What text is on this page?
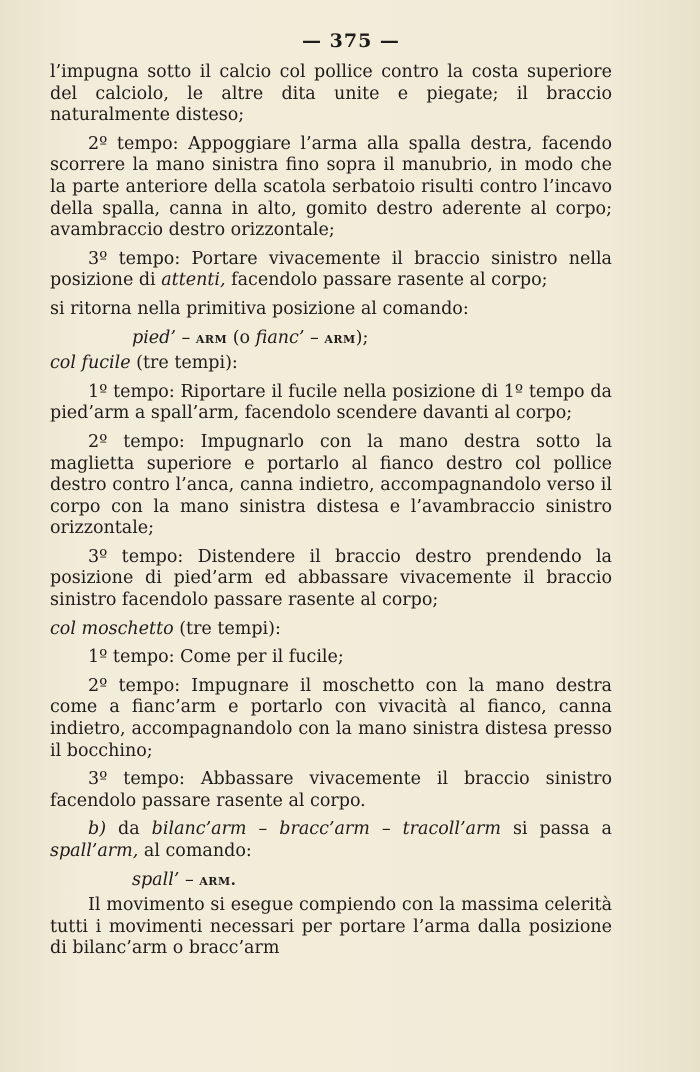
— 375 —

l’impugna sotto il calcio col pollice contro la costa superiore del calciolo, le altre dita unite e piegate; il braccio naturalmente disteso;

2º tempo: Appoggiare l’arma alla spalla destra, facendo scorrere la mano sinistra fino sopra il manubrio, in modo che la parte anteriore della scatola serbatoio risulti contro l’incavo della spalla, canna in alto, gomito destro aderente al corpo; avambraccio destro orizzontale;

3º tempo: Portare vivacemente il braccio sinistro nella posizione di attenti, facendolo passare rasente al corpo;

si ritorna nella primitiva posizione al comando:

pied’ – arm (o fianc’ – arm);

col fucile (tre tempi):

1º tempo: Riportare il fucile nella posizione di 1º tempo da pied’arm a spall’arm, facendolo scendere davanti al corpo;

2º tempo: Impugnarlo con la mano destra sotto la maglietta superiore e portarlo al fianco destro col pollice destro contro l’anca, canna indietro, accompagnandolo verso il corpo con la mano sinistra distesa e l’avambraccio sinistro orizzontale;

3º tempo: Distendere il braccio destro prendendo la posizione di pied’arm ed abbassare vivacemente il braccio sinistro facendolo passare rasente al corpo;

col moschetto (tre tempi):

1º tempo: Come per il fucile;

2º tempo: Impugnare il moschetto con la mano destra come a fianc’arm e portarlo con vivacità al fianco, canna indietro, accompagnandolo con la mano sinistra distesa presso il bocchino;

3º tempo: Abbassare vivacemente il braccio sinistro facendolo passare rasente al corpo.

b) da bilanc’arm – bracc’arm – tracoll’arm si passa a spall’arm, al comando:

spall’ – arm.

Il movimento si esegue compiendo con la massima celerità tutti i movimenti necessari per portare l’arma dalla posizione di bilanc’arm o bracc’arm
